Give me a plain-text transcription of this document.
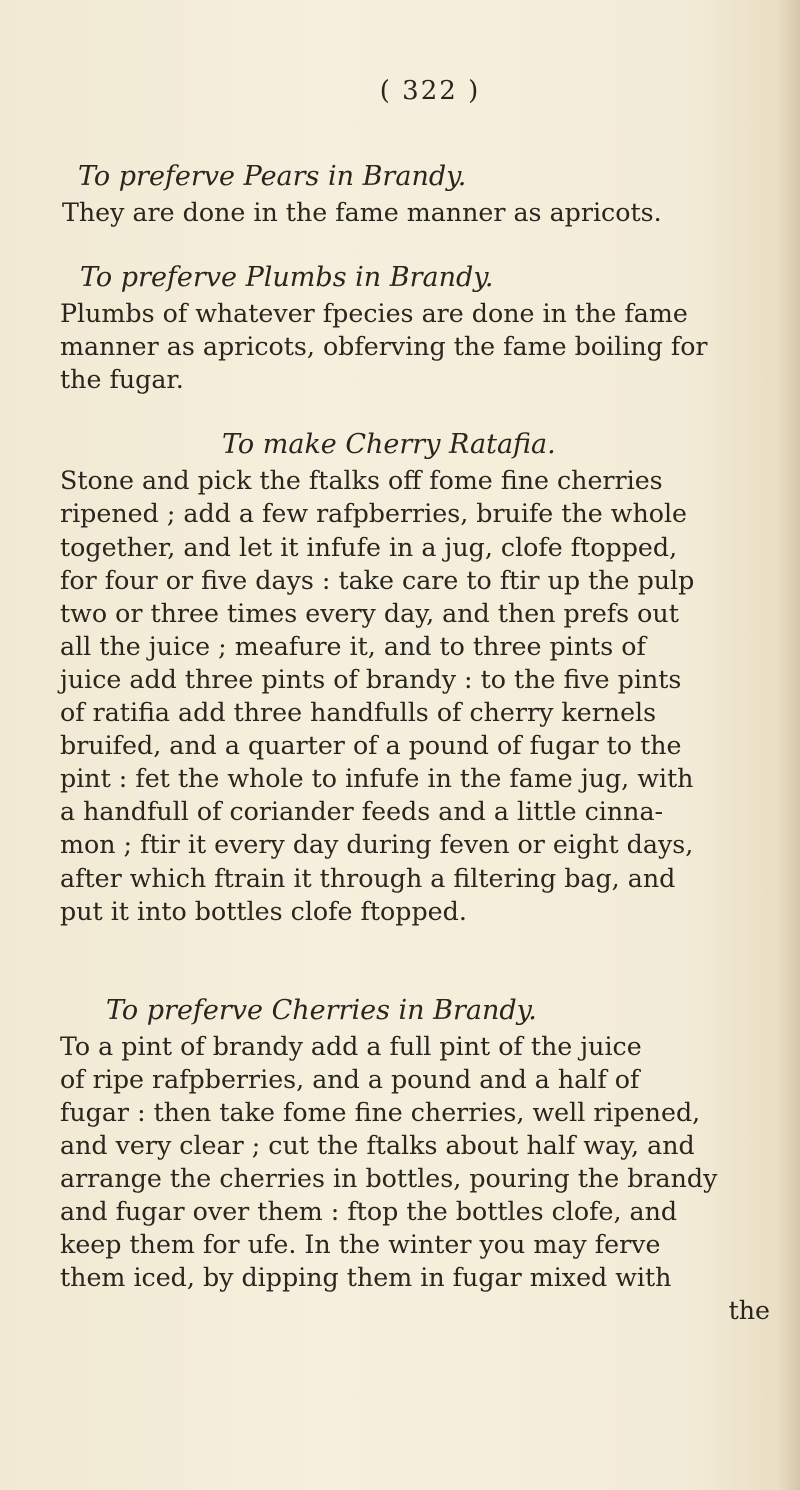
( 322 )

To preferve Pears in Brandy.

They are done in the fame manner as apricots.

To preferve Plumbs in Brandy.

Plumbs of whatever fpecies are done in the fame
manner as apricots, obferving the fame boiling for
the fugar.

To make Cherry Ratafia.

Stone and pick the ftalks off fome fine cherries
ripened ; add a few rafpberries, bruife the whole
together, and let it infufe in a jug, clofe ftopped,
for four or five days : take care to ftir up the pulp
two or three times every day, and then prefs out
all the juice ; meafure it, and to three pints of
juice add three pints of brandy : to the five pints
of ratifia add three handfulls of cherry kernels
bruifed, and a quarter of a pound of fugar to the
pint : fet the whole to infufe in the fame jug, with
a handfull of coriander feeds and a little cinna-
mon ; ftir it every day during feven or eight days,
after which ftrain it through a filtering bag, and
put it into bottles clofe ftopped.

To preferve Cherries in Brandy.

To a pint of brandy add a full pint of the juice
of ripe rafpberries, and a pound and a half of
fugar : then take fome fine cherries, well ripened,
and very clear ; cut the ftalks about half way, and
arrange the cherries in bottles, pouring the brandy
and fugar over them : ftop the bottles clofe, and
keep them for ufe. In the winter you may ferve
them iced, by dipping them in fugar mixed with
the
